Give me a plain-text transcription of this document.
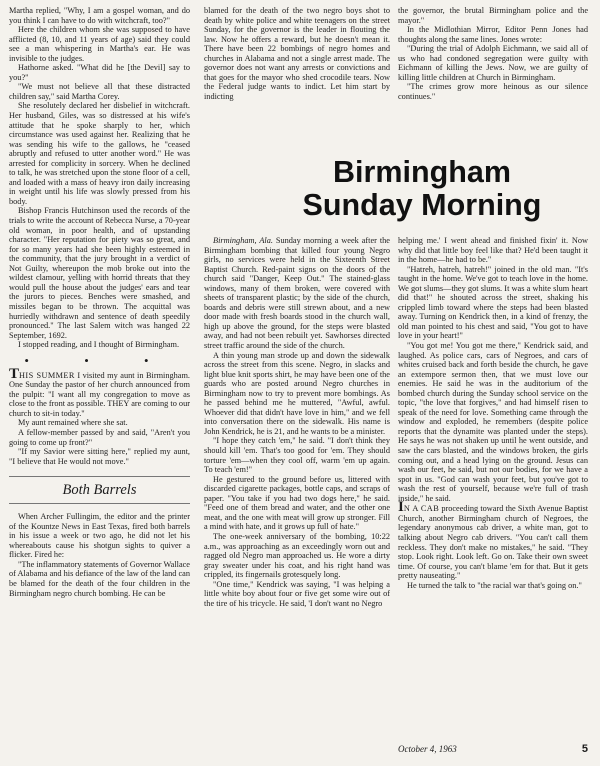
Martha replied, "Why, I am a gospel woman, and do you think I can have to do with witchcraft, too?"

Here the children whom she was supposed to have afflicted (8, 10, and 11 years of age) said they could see a man whispering in Martha's ear. He was invisible to the judges.

Hathorne asked. "What did he [the Devil] say to you?"

"We must not believe all that these distracted children say," said Martha Corey.

She resolutely declared her disbelief in witchcraft. Her husband, Giles, was so distressed at his wife's attitude that he spoke sharply to her, which circumstance was used against her. Realizing that he was sending his wife to the gallows, he "ceased abruptly and refused to utter another word." He was arrested for complicity in sorcery. When he declined to talk, he was stretched upon the stone floor of a cell, and loaded with a mass of heavy iron daily increasing in weight until his life was slowly pressed from his body.

Bishop Francis Hutchinson used the records of the trials to write the account of Rebecca Nurse, a 70-year old woman, in poor health, and of upstanding character. "Her reputation for piety was so great, and for so many years had she been highly esteemed in the community, that the jury brought in a verdict of Not Guilty, whereupon the mob broke out into the wildest clamour, yelling with horrid threats that they would pull the house about the judges' ears and tear the jurors to pieces. Benches were smashed, and missiles began to be thrown. The acquittal was hurriedly withdrawn and sentence of death speedily pronounced." The last Salem witch was hanged 22 September, 1692.

I stopped reading, and I thought of Birmingham.

• • •

THIS SUMMER I visited my aunt in Birmingham. One Sunday the pastor of her church announced from the pulpit: "I want all my congregation to move as close to the front as possible. THEY are coming to our church to sit-in today."

My aunt remained where she sat.

A fellow-member passed by and said, "Aren't you going to come up front?"

"If my Savior were sitting here," replied my aunt, "I believe that He would not move."

Both Barrels

When Archer Fullingim, the editor and the printer of the Kountze News in East Texas, fired both barrels in his issue a week or two ago, he did not let his whereabouts cause his shotgun sights to quiver a flicker. Fired he:

"The inflammatory statements of Governor Wallace of Alabama and his defiance of the law of the land can be blamed for the death of the four children in the Birmingham negro church bombing. He can be

blamed for the death of the two negro boys shot to death by white police and white teenagers on the street Sunday, for the governor is the leader in flouting the law. Now he offers a reward, but he doesn't mean it. There have been 22 bombings of negro homes and churches in Alabama and not a single arrest made. The governor does not want any arrests or convictions and that goes for the mayor who shed crocodile tears. Now the Federal judge wants to indict. Let him start by indicting

the governor, the brutal Birmingham police and the mayor."

In the Midlothian Mirror, Editor Penn Jones had thoughts along the same lines. Jones wrote:

"During the trial of Adolph Eichmann, we said all of us who had condoned segregation were guilty with Eichmann of killing the Jews. Now, we are guilty of killing little children at Church in Birmingham.

"The crimes grow more heinous as our silence continues."

Birmingham
Sunday Morning

Birmingham, Ala. Sunday morning a week after the Birmingham bombing that killed four young Negro girls, no services were held in the Sixteenth Street Baptist Church. Red-paint signs on the doors of the church said "Danger, Keep Out." The stained-glass windows, many of them broken, were covered with sheets of transparent plastic; by the side of the church, boards and debris were still strewn about, and a new door made with fresh boards stood in the church wall, high up above the ground, for the steps were blasted away, and had not been rebuilt yet. Sawhorses directed street traffic around the side of the church.

A thin young man strode up and down the sidewalk across the street from this scene. Negro, in slacks and light blue knit sports shirt, he may have been one of the guards who are posted around Negro churches in Birmingham now to try to prevent more bombings. As he passed behind me he muttered, "Awful, awful. Whoever did that didn't have love in him," and we fell into conversation there on the sidewalk. His name is John Kendrick, he is 21, and he wants to be a minister.

"I hope they catch 'em," he said. "I don't think they should kill 'em. That's too good for 'em. They should torture 'em—when they cool off, warm 'em up again. To teach 'em!"

He gestured to the ground before us, littered with discarded cigarette packages, bottle caps, and scraps of paper. "You take if you had two dogs here," he said. "Feed one of them bread and water, and the other one meat, and the one with meat will grow up stronger. Fill a mind with hate, and it grows up full of hate."

The one-week anniversary of the bombing, 10:22 a.m., was approaching as an exceedingly worn out and ragged old Negro man approached us. He wore a dirty gray sweater under his coat, and his right hand was crippled, its fingernails grotesquely long.

"One time," Kendrick was saying, "I was helping a little white boy about four or five get some wire out of the tire of his tricycle. He said, 'I don't want no Negro

helping me.' I went ahead and finished fixin' it. Now why did that little boy feel like that? He'd been taught it in the home—he had to be."

"Hatreh, hatreh, hatreh!" joined in the old man. "It's taught in the home. We've got to teach love in the home. We got slums—they got slums. It was a white slum heart did that!" he shouted across the street, shaking his crippled limb toward where the steps had been blasted away. Turning on Kendrick then, in a kind of frenzy, the old man pointed to his chest and said, "You got to have love in your heart!"

"You got me! You got me there," Kendrick said, and laughed. As police cars, cars of Negroes, and cars of whites cruised back and forth beside the church, he gave an extempore sermon then, that we must love our enemies. He said he was in the auditorium of the bombed church during the Sunday school service on the topic, "the love that forgives," and had himself risen to speak of the need for love. Something came through the window and exploded, he remembers (despite police reports that the dynamite was planted under the steps). He says he was not shaken up until he went outside, and saw the cars blasted, and the windows broken, the girls coming out, and a head lying on the ground. Jesus can wash our feet, he said, but not our bodies, for we have a spot in us. "God can wash your feet, but you've got to wash the rest of yourself, because we're full of trash inside," he said.

IN A CAB proceeding toward the Sixth Avenue Baptist Church, another Birmingham church of Negroes, the legendary anonymous cab driver, a white man, got to talking about Negro cab drivers. "You can't call them reckless. They don't make no mistakes," he said. "They stop. Look right. Look left. Go on. Take their own sweet time. Of course, you can't blame 'em for that. But it gets pretty nauseating."

He turned the talk to "the racial war that's going on."

October 4, 1963	5
